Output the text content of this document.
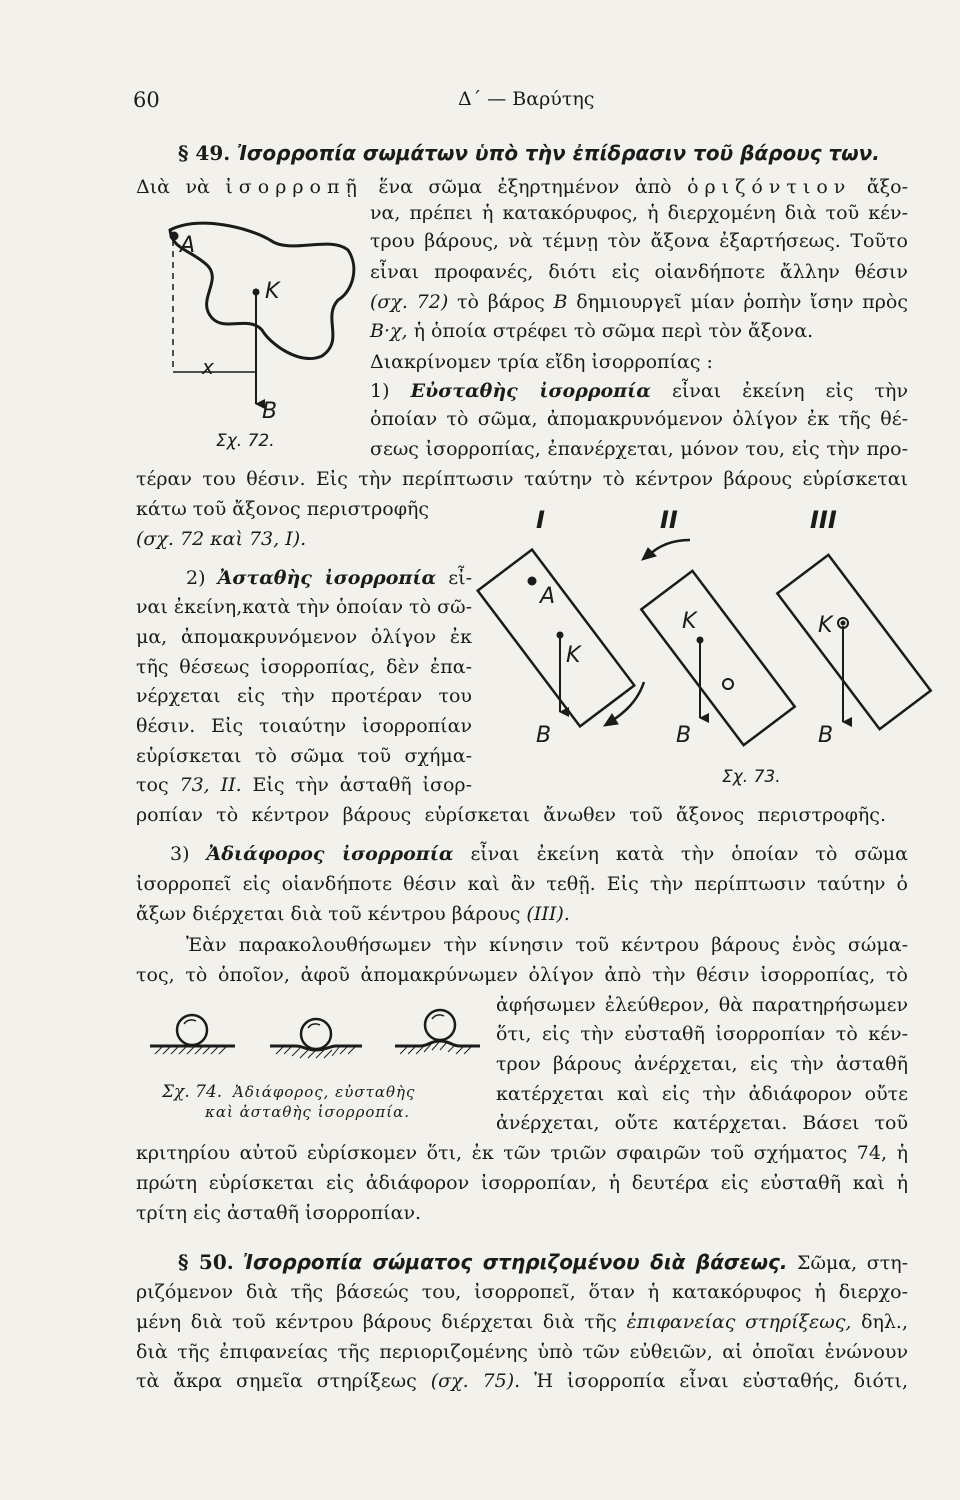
60	Δ΄ — Βαρύτης
§ 49. Ἰσορροπία σωμάτων ὑπὸ τὴν ἐπίδρασιν τοῦ βάρους των.
Διὰ νὰ ἰσορροπῇ ἕνα σῶμα ἐξηρτημένον ἀπὸ ὁριζόντιον ἄξο-
να, πρέπει ἡ κατακόρυφος, ἡ διερχομένη διὰ τοῦ κέν-
τρου βάρους, νὰ τέμνῃ τὸν ἄξονα ἐξαρτήσεως. Τοῦτο
εἶναι προφανές, διότι εἰς οἱανδήποτε ἄλλην θέσιν
(σχ. 72) τὸ βάρος B δημιουργεῖ μίαν ῥοπὴν ἴσην πρὸς
B·χ, ἡ ὁποία στρέφει τὸ σῶμα περὶ τὸν ἄξονα.
Διακρίνομεν τρία εἴδη ἰσορροπίας :
1) Εὐσταθὴς ἰσορροπία εἶναι ἐκείνη εἰς τὴν
ὁποίαν τὸ σῶμα, ἀπομακρυνόμενον ὀλίγον ἐκ τῆς θέ-
σεως ἰσορροπίας, ἐπανέρχεται, μόνον του, εἰς τὴν προ-
τέραν του θέσιν. Εἰς τὴν περίπτωσιν ταύτην τὸ κέντρον βάρους εὑρίσκεται
κάτω τοῦ ἄξονος περιστροφῆς
(σχ. 72 καὶ 73, I).
2) Ἀσταθὴς ἰσορροπία εἶ-
ναι ἐκείνη,κατὰ τὴν ὁποίαν τὸ σῶ-
μα, ἀπομακρυνόμενον ὀλίγον ἐκ
τῆς θέσεως ἰσορροπίας, δὲν ἐπα-
νέρχεται εἰς τὴν προτέραν του
θέσιν. Εἰς τοιαύτην ἰσορροπίαν
εὑρίσκεται τὸ σῶμα τοῦ σχήμα-
τος 73, II. Εἰς τὴν ἀσταθῆ ἰσορ-
ροπίαν τὸ κέντρον βάρους εὑρίσκεται ἄνωθεν τοῦ ἄξονος περιστροφῆς.
3) Ἀδιάφορος ἰσορροπία εἶναι ἐκείνη κατὰ τὴν ὁποίαν τὸ σῶμα
ἰσορροπεῖ εἰς οἱανδήποτε θέσιν καὶ ἂν τεθῇ. Εἰς τὴν περίπτωσιν ταύτην ὁ
ἄξων διέρχεται διὰ τοῦ κέντρου βάρους (III).
Ἐὰν παρακολουθήσωμεν τὴν κίνησιν τοῦ κέντρου βάρους ἑνὸς σώμα-
τος, τὸ ὁποῖον, ἀφοῦ ἀπομακρύνωμεν ὀλίγον ἀπὸ τὴν θέσιν ἰσορροπίας, τὸ
ἀφήσωμεν ἐλεύθερον, θὰ παρατηρήσωμεν
ὅτι, εἰς τὴν εὐσταθῆ ἰσορροπίαν τὸ κέν-
τρον βάρους ἀνέρχεται, εἰς τὴν ἀσταθῆ
κατέρχεται καὶ εἰς τὴν ἀδιάφορον οὔτε
ἀνέρχεται, οὔτε κατέρχεται. Βάσει τοῦ
κριτηρίου αὐτοῦ εὑρίσκομεν ὅτι, ἐκ τῶν τριῶν σφαιρῶν τοῦ σχήματος 74, ἡ
πρώτη εὑρίσκεται εἰς ἀδιάφορον ἰσορροπίαν, ἡ δευτέρα εἰς εὐσταθῆ καὶ ἡ
τρίτη εἰς ἀσταθῆ ἰσορροπίαν.
§ 50. Ἰσορροπία σώματος στηριζομένου διὰ βάσεως. Σῶμα, στη-
ριζόμενον διὰ τῆς βάσεώς του, ἰσορροπεῖ, ὅταν ἡ κατακόρυφος ἡ διερχο-
μένη διὰ τοῦ κέντρου βάρους διέρχεται διὰ τῆς ἐπιφανείας στηρίξεως, δηλ.,
διὰ τῆς ἐπιφανείας τῆς περιοριζομένης ὑπὸ τῶν εὐθειῶν, αἱ ὁποῖαι ἑνώνουν
τὰ ἄκρα σημεῖα στηρίξεως (σχ. 75). Ἡ ἰσορροπία εἶναι εὐσταθής, διότι,
A
K
x
B
Σχ. 72.
I	II	III
A
K
B
K
B
K
B
Σχ. 73.
Σχ. 74. Ἀδιάφορος, εὐσταθὴς
καὶ ἀσταθὴς ἰσορροπία.
